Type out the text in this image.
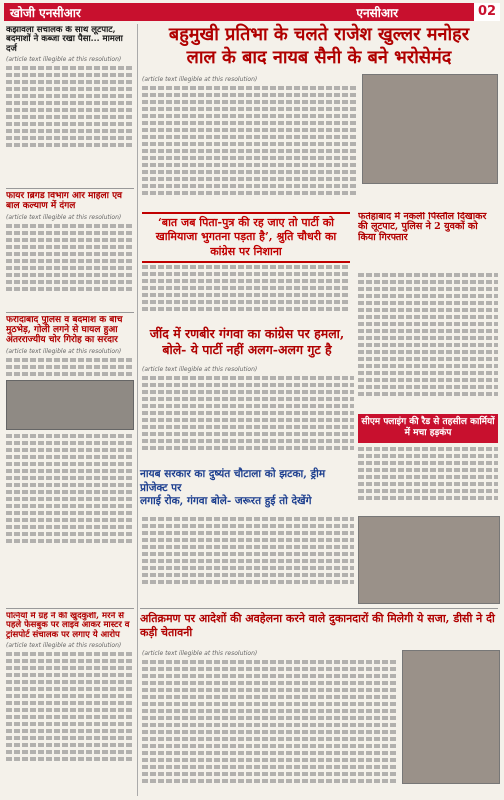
खोजी एनसीआर	एनसीआर	02
कंझावला संचालक के साथ लूटपाट, बदमाशों ने कब्जा रखा पैसा... मामला दर्ज
(article text illegible at this resolution)
फायर ब्रिगेड विभाग और महिला एवं बाल कल्याण में दंगल
(article text illegible at this resolution)
फरीदाबाद पुलिस व बदमाश के बीच मुठभेड़, गोली लगने से घायल हुआ अंतरराज्यीय चोर गिरोह का सरदार
(article text illegible at this resolution)
पत्नियों में ग्रह ने की खुदकुशी, मरने से पहले फेसबुक पर लाइव आकर मास्टर व ट्रांसपोर्ट संचालक पर लगाए ये आरोप
(article text illegible at this resolution)
बहुमुखी प्रतिभा के चलते राजेश खुल्लर मनोहर
लाल के बाद नायब सैनी के बने भरोसेमंद
(article text illegible at this resolution)
‘बात जब पिता-पुत्र की रह जाए तो पार्टी को खामियाजा भुगतना पड़ता है’, श्रुति चौधरी का कांग्रेस पर निशाना
फतेहाबाद में नकली पिस्तौल दिखाकर की लूटपाट, पुलिस ने 2 युवकों को किया गिरफ्तार
जींद में रणबीर गंगवा का कांग्रेस पर हमला,
बोले- ये पार्टी नहीं अलग-अलग गुट है
(article text illegible at this resolution)
सीएम फ्लाइंग की रैड से तहसील कार्मियों में मचा हड़कंप
नायब सरकार का दुष्यंत चौटाला को झटका, ड्रीम प्रोजेक्ट पर
लगाई रोक, गंगवा बोले- जरूरत हुई तो देखेंगे
अतिक्रमण पर आदेशों की अवहेलना करने वाले दुकानदारों की मिलेगी ये सजा, डीसी ने दी कड़ी चेतावनी
(article text illegible at this resolution)
